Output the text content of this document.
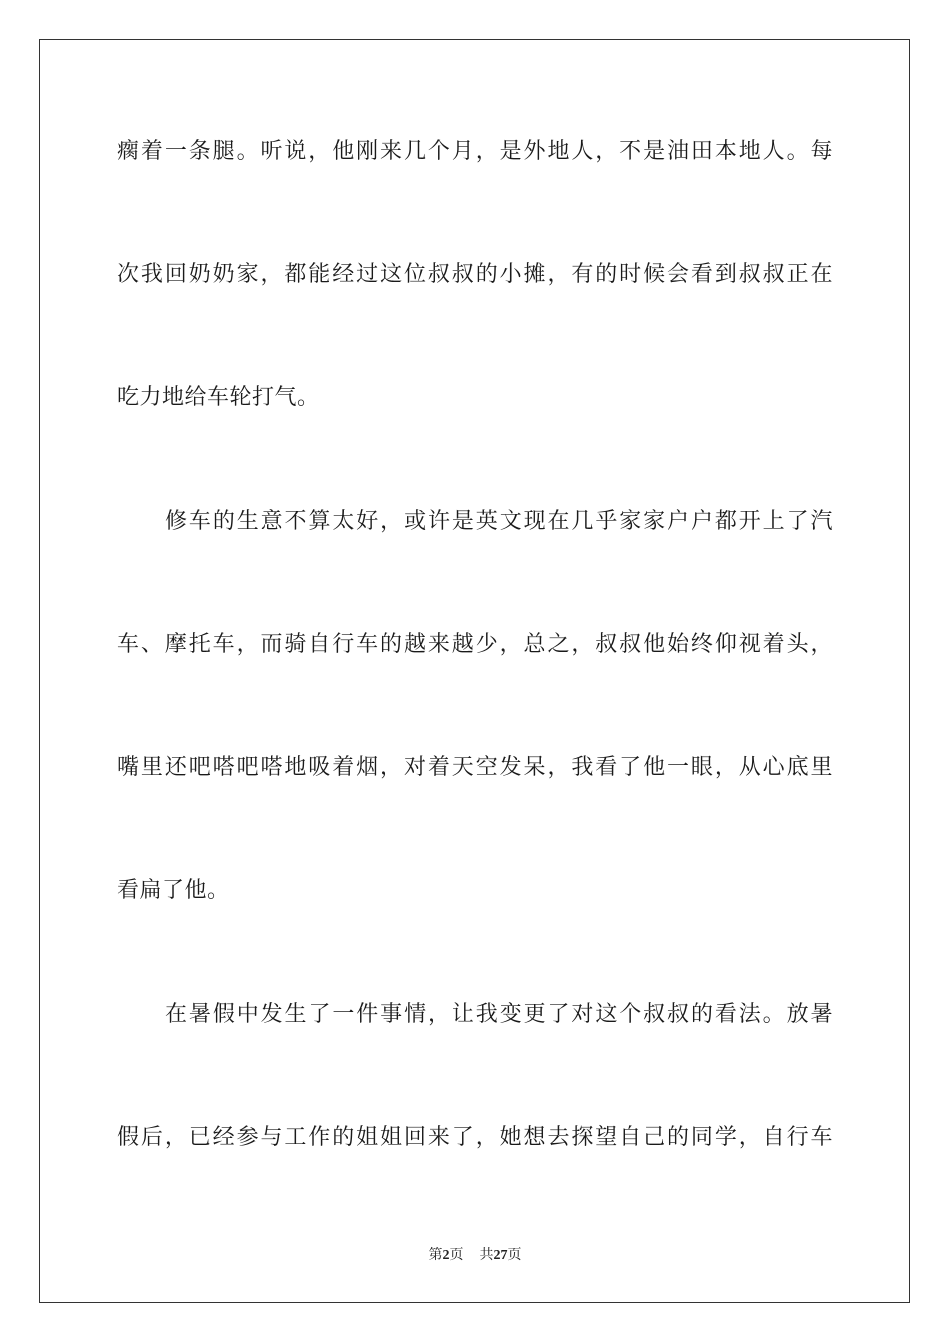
瘸着一条腿。听说，他刚来几个月，是外地人，不是油田本地人。每
次我回奶奶家，都能经过这位叔叔的小摊，有的时候会看到叔叔正在
吃力地给车轮打气。
修车的生意不算太好，或许是英文现在几乎家家户户都开上了汽
车、摩托车，而骑自行车的越来越少，总之，叔叔他始终仰视着头，
嘴里还吧嗒吧嗒地吸着烟，对着天空发呆，我看了他一眼，从心底里
看扁了他。
在暑假中发生了一件事情，让我变更了对这个叔叔的看法。放暑
假后，已经参与工作的姐姐回来了，她想去探望自己的同学，自行车
第2页 共27页
